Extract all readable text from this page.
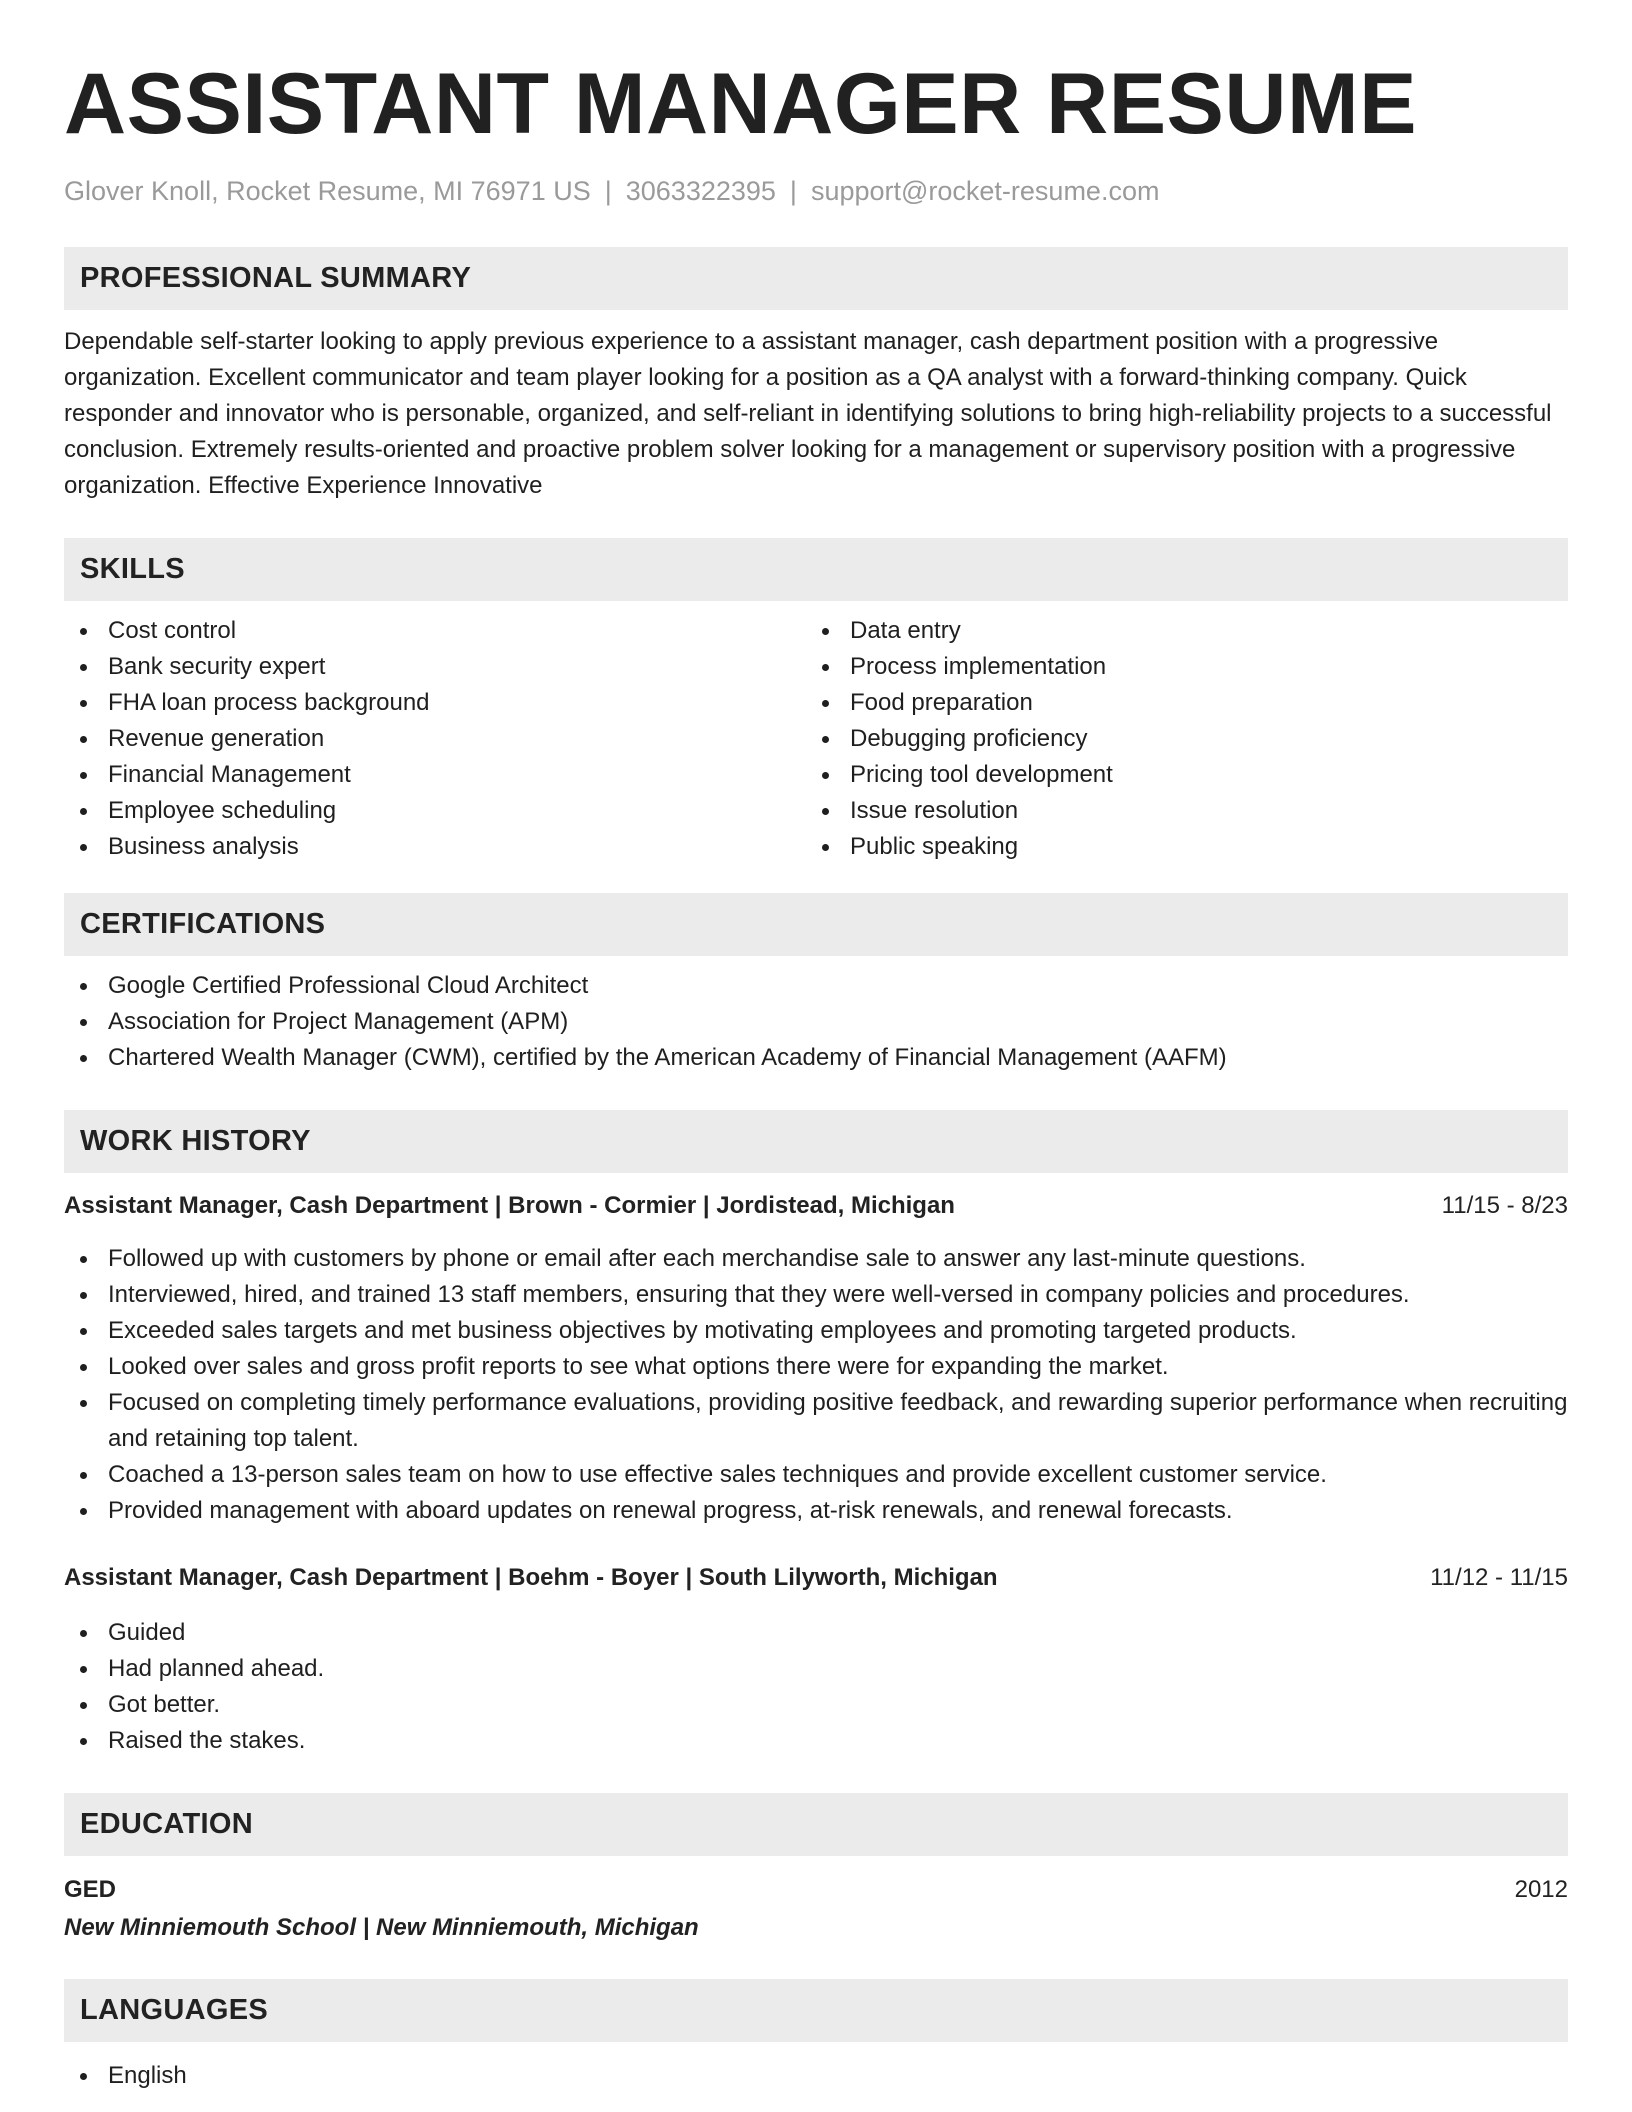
ASSISTANT MANAGER RESUME
Glover Knoll, Rocket Resume, MI 76971 US | 3063322395 | support@rocket-resume.com
PROFESSIONAL SUMMARY
Dependable self-starter looking to apply previous experience to a assistant manager, cash department position with a progressive organization. Excellent communicator and team player looking for a position as a QA analyst with a forward-thinking company. Quick responder and innovator who is personable, organized, and self-reliant in identifying solutions to bring high-reliability projects to a successful conclusion. Extremely results-oriented and proactive problem solver looking for a management or supervisory position with a progressive organization. Effective Experience Innovative
SKILLS
Cost control
Bank security expert
FHA loan process background
Revenue generation
Financial Management
Employee scheduling
Business analysis
Data entry
Process implementation
Food preparation
Debugging proficiency
Pricing tool development
Issue resolution
Public speaking
CERTIFICATIONS
Google Certified Professional Cloud Architect
Association for Project Management (APM)
Chartered Wealth Manager (CWM), certified by the American Academy of Financial Management (AAFM)
WORK HISTORY
Assistant Manager, Cash Department | Brown - Cormier | Jordistead, Michigan	11/15 - 8/23
Followed up with customers by phone or email after each merchandise sale to answer any last-minute questions.
Interviewed, hired, and trained 13 staff members, ensuring that they were well-versed in company policies and procedures.
Exceeded sales targets and met business objectives by motivating employees and promoting targeted products.
Looked over sales and gross profit reports to see what options there were for expanding the market.
Focused on completing timely performance evaluations, providing positive feedback, and rewarding superior performance when recruiting and retaining top talent.
Coached a 13-person sales team on how to use effective sales techniques and provide excellent customer service.
Provided management with aboard updates on renewal progress, at-risk renewals, and renewal forecasts.
Assistant Manager, Cash Department | Boehm - Boyer | South Lilyworth, Michigan	11/12 - 11/15
Guided
Had planned ahead.
Got better.
Raised the stakes.
EDUCATION
GED	2012
New Minniemouth School | New Minniemouth, Michigan
LANGUAGES
English
